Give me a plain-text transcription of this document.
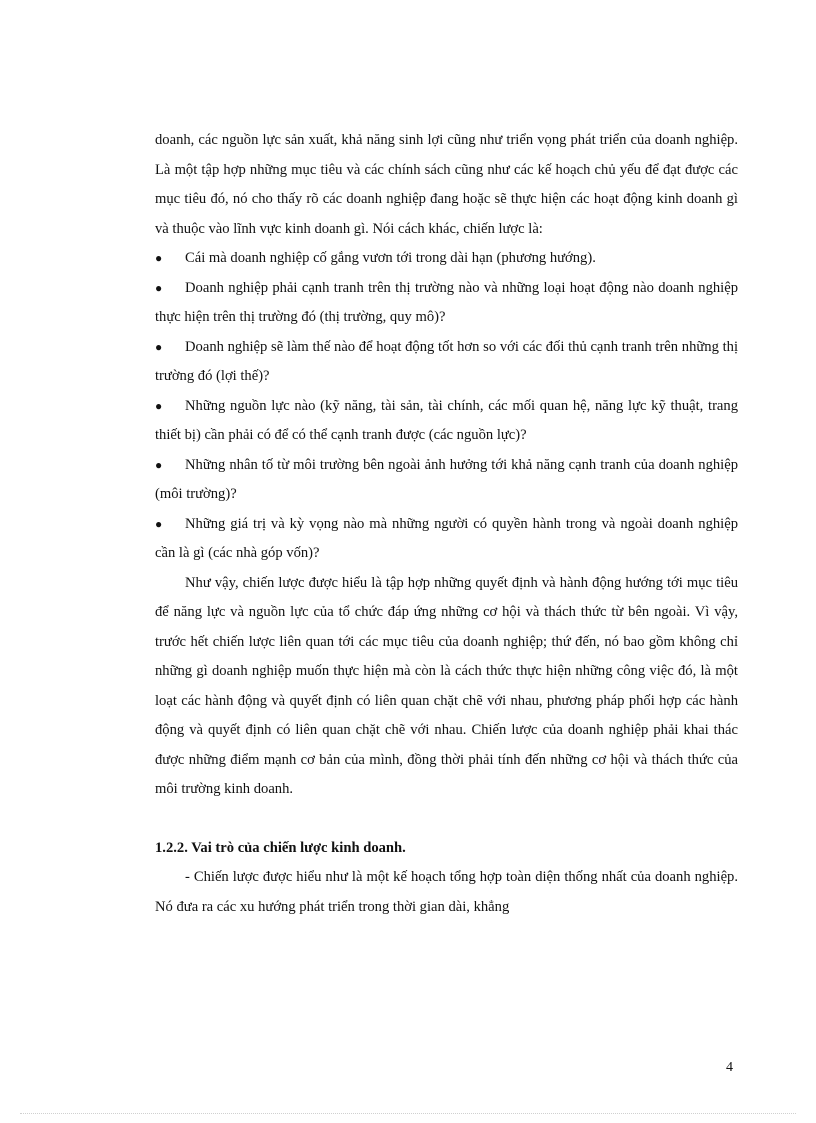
doanh, các nguồn lực sản xuất, khả năng sinh lợi cũng như triển vọng phát triển của doanh nghiệp. Là một tập hợp những mục tiêu và các chính sách cũng như các kế hoạch chủ yếu để đạt được các mục tiêu đó, nó cho thấy rõ các doanh nghiệp đang hoặc sẽ thực hiện các hoạt động kinh doanh gì và thuộc vào lĩnh vực kinh doanh gì. Nói cách khác, chiến lược là:

●	Cái mà doanh nghiệp cố gắng vươn tới trong dài hạn (phương hướng).

●	Doanh nghiệp phải cạnh tranh trên thị trường nào và những loại hoạt động nào doanh nghiệp thực hiện trên thị trường đó (thị trường, quy mô)?

●	Doanh nghiệp sẽ làm thế nào để hoạt động tốt hơn so với các đối thủ cạnh tranh trên những thị trường đó (lợi thế)?

●	Những nguồn lực nào (kỹ năng, tài sản, tài chính, các mối quan hệ, năng lực kỹ thuật, trang thiết bị) cần phải có để có thể cạnh tranh được (các nguồn lực)?

●	Những nhân tố từ môi trường bên ngoài ảnh hưởng tới khả năng cạnh tranh của doanh nghiệp (môi trường)?

●	Những giá trị và kỳ vọng nào mà những người có quyền hành trong và ngoài doanh nghiệp cần là gì (các nhà góp vốn)?

Như vậy, chiến lược được hiểu là tập hợp những quyết định và hành động hướng tới mục tiêu để năng lực và nguồn lực của tổ chức đáp ứng những cơ hội và thách thức từ bên ngoài. Vì vậy, trước hết chiến lược liên quan tới các mục tiêu của doanh nghiệp; thứ đến, nó bao gồm không chỉ những gì doanh nghiệp muốn thực hiện mà còn là cách thức thực hiện những công việc đó, là một loạt các hành động và quyết định có liên quan chặt chẽ với nhau, phương pháp phối hợp các hành động và quyết định có liên quan chặt chẽ với nhau. Chiến lược của doanh nghiệp phải khai thác được những điểm mạnh cơ bản của mình, đồng thời phải tính đến những cơ hội và thách thức của môi trường kinh doanh.

1.2.2. Vai trò của chiến lược kinh doanh.

- Chiến lược được hiểu như là một kế hoạch tổng hợp toàn diện thống nhất của doanh nghiệp. Nó đưa ra các xu hướng phát triển trong thời gian dài, khẳng

4
